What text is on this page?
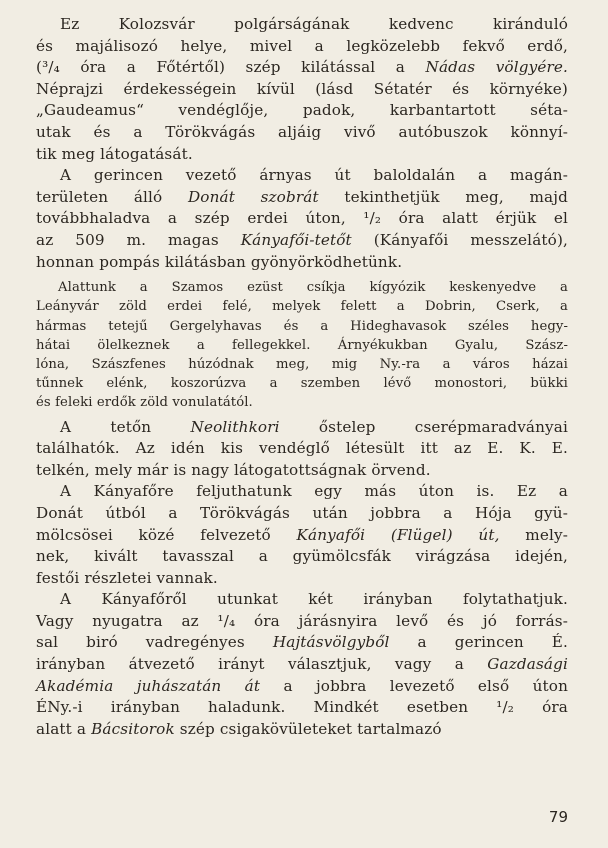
Ez Kolozsvár polgárságának kedvenc kiránduló
és majálisozó helye, mivel a legközelebb fekvő erdő,
(³/₄ óra a Főtértől) szép kilátással a Nádas völgyére.
Néprajzi érdekességein kívül (lásd Sétatér és környéke)
„Gaudeamus“ vendéglője, padok, karbantartott séta-
utak és a Törökvágás aljáig vivő autóbuszok könnyí-
tik meg látogatását.

A gerincen vezető árnyas út baloldalán a magán-
területen álló Donát szobrát tekinthetjük meg, majd
továbbhaladva a szép erdei úton, ¹/₂ óra alatt érjük el
az 509 m. magas Kányafői-tetőt (Kányafői messzelátó),
honnan pompás kilátásban gyönyörködhetünk.

Alattunk a Szamos ezüst csíkja kígyózik keskenyedve a
Leányvár zöld erdei felé, melyek felett a Dobrin, Cserk, a
hármas tetejű Gergelyhavas és a Hideghavasok széles hegy-
hátai ölelkeznek a fellegekkel. Árnyékukban Gyalu, Szász-
lóna, Szászfenes húzódnak meg, mig Ny.-ra a város házai
tűnnek elénk, koszorúzva a szemben lévő monostori, bükki
és feleki erdők zöld vonulatától.

A tetőn Neolithkori őstelep cserépmaradványai
találhatók. Az idén kis vendéglő létesült itt az E. K. E.
telkén, mely már is nagy látogatottságnak örvend.

A Kányafőre feljuthatunk egy más úton is. Ez a
Donát útból a Törökvágás után jobbra a Hója gyü-
mölcsösei közé felvezető Kányafői (Flügel) út, mely-
nek, kivált tavasszal a gyümölcsfák virágzása idején,
festői részletei vannak.

A Kányafőről utunkat két irányban folytathatjuk.
Vagy nyugatra az ¹/₄ óra járásnyira levő és jó forrás-
sal biró vadregényes Hajtásvölgyből a gerincen É.
irányban átvezető irányt választjuk, vagy a Gazdasági
Akadémia juhászatán át a jobbra levezető első úton
ÉNy.-i irányban haladunk. Mindkét esetben ¹/₂ óra
alatt a Bácsitorok szép csigakövületeket tartalmazó

79
